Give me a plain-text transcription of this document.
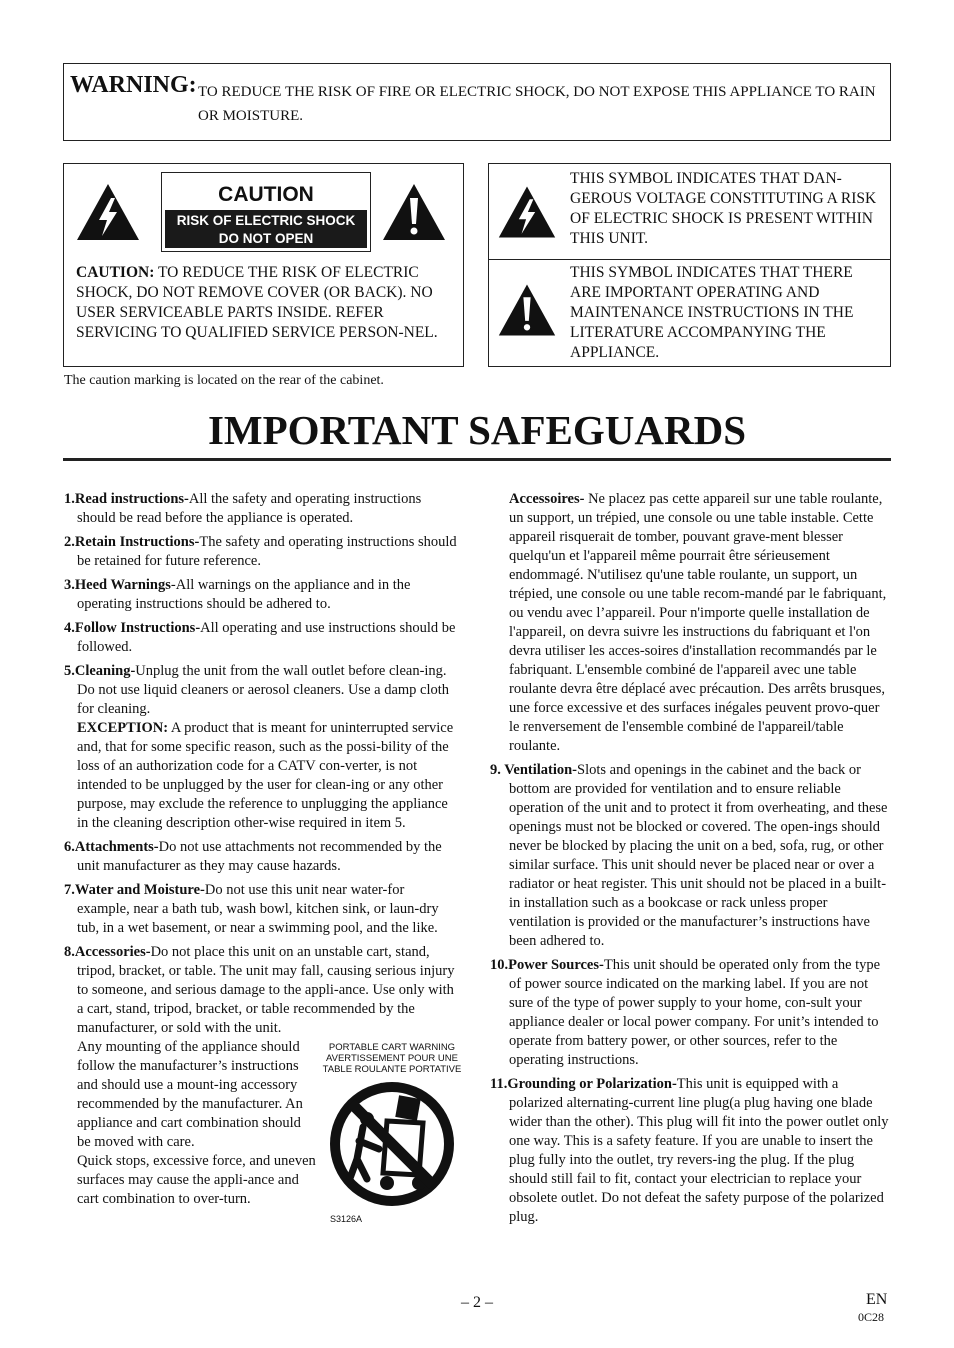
WARNING: TO REDUCE THE RISK OF FIRE OR ELECTRIC SHOCK, DO NOT EXPOSE THIS APPLIANCE TO RAIN OR MOISTURE.
CAUTION
RISK OF ELECTRIC SHOCK
DO NOT OPEN
CAUTION: TO REDUCE THE RISK OF ELECTRIC SHOCK, DO NOT REMOVE COVER (OR BACK). NO USER SERVICEABLE PARTS INSIDE. REFER SERVICING TO QUALIFIED SERVICE PERSON-NEL.
The caution marking is located on the rear of the cabinet.
THIS SYMBOL INDICATES THAT DAN-GEROUS VOLTAGE CONSTITUTING A RISK OF ELECTRIC SHOCK IS PRESENT WITHIN THIS UNIT.
THIS SYMBOL INDICATES THAT THERE ARE IMPORTANT OPERATING AND MAINTENANCE INSTRUCTIONS IN THE LITERATURE ACCOMPANYING THE APPLIANCE.
IMPORTANT SAFEGUARDS
1.Read instructions-All the safety and operating instructions should be read before the appliance is operated.
2.Retain Instructions-The safety and operating instructions should be retained for future reference.
3.Heed Warnings-All warnings on the appliance and in the operating instructions should be adhered to.
4.Follow Instructions-All operating and use instructions should be followed.
5.Cleaning-Unplug the unit from the wall outlet before clean-ing. Do not use liquid cleaners or aerosol cleaners. Use a damp cloth for cleaning.
EXCEPTION: A product that is meant for uninterrupted service and, that for some specific reason, such as the possi-bility of the loss of an authorization code for a CATV con-verter, is not intended to be unplugged by the user for clean-ing or any other purpose, may exclude the reference to unplugging the appliance in the cleaning description other-wise required in item 5.
6.Attachments-Do not use attachments not recommended by the unit manufacturer as they may cause hazards.
7.Water and Moisture-Do not use this unit near water-for example, near a bath tub, wash bowl, kitchen sink, or laun-dry tub, in a wet basement, or near a swimming pool, and the like.
8.Accessories-Do not place this unit on an unstable cart, stand, tripod, bracket, or table. The unit may fall, causing serious injury to someone, and serious damage to the appli-ance. Use only with a cart, stand, tripod, bracket, or table recommended by the manufacturer, or sold with the unit.
Any mounting of the appliance should follow the manufacturer’s instructions and should use a mount-ing accessory recommended by the manufacturer. An appliance and cart combination should be moved with care.
Quick stops, excessive force, and uneven surfaces may cause the appli-ance and cart combination to over-turn.
PORTABLE CART WARNING
AVERTISSEMENT POUR UNE
TABLE ROULANTE PORTATIVE
S3126A
Accessoires- Ne placez pas cette appareil sur une table roulante, un support, un trépied, une console ou une table instable. Cette appareil risquerait de tomber, pouvant grave-ment blesser quelqu'un et l'appareil même pourrait être sérieusement endommagé. N'utilisez qu'une table roulante, un support, un trépied, une console ou une table recom-mandé par le fabriquant, ou vendu avec l’appareil. Pour n'importe quelle installation de l'appareil, on devra suivre les instructions du fabriquant et l'on devra utiliser les acces-soires d'installation recommandés par le fabriquant. L'ensemble combiné de l'appareil avec une table roulante devra être déplacé avec précaution. Des arrêts brusques, une force excessive et des surfaces inégales peuvent provo-quer le renversement de l'ensemble combiné de l'appareil/table roulante.
9. Ventilation-Slots and openings in the cabinet and the back or bottom are provided for ventilation and to ensure reliable operation of the unit and to protect it from overheating, and these openings must not be blocked or covered. The open-ings should never be blocked by placing the unit on a bed, sofa, rug, or other similar surface. This unit should never be placed near or over a radiator or heat register. This unit should not be placed in a built-in installation such as a bookcase or rack unless proper ventilation is provided or the manufacturer’s instructions have been adhered to.
10.Power Sources-This unit should be operated only from the type of power source indicated on the marking label. If you are not sure of the type of power supply to your home, con-sult your appliance dealer or local power company. For unit’s intended to operate from battery power, or other sources, refer to the operating instructions.
11.Grounding or Polarization-This unit is equipped with a polarized alternating-current line plug(a plug having one blade wider than the other). This plug will fit into the power outlet only one way. This is a safety feature. If you are unable to insert the plug fully into the outlet, try revers-ing the plug. If the plug should still fail to fit, contact your electrician to replace your obsolete outlet. Do not defeat the safety purpose of the polarized plug.
– 2 –	EN
0C28
